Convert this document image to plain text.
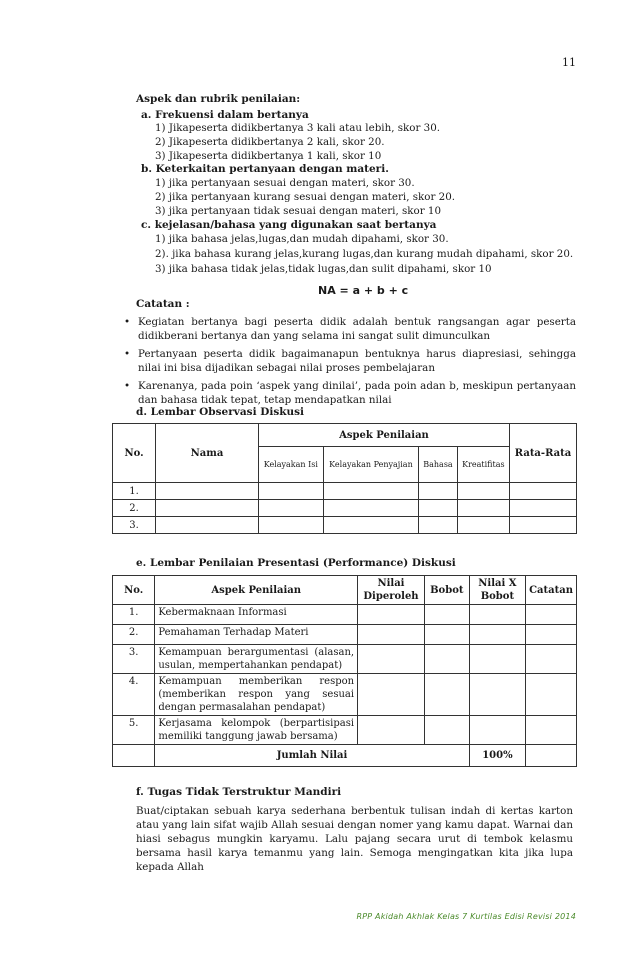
11
Aspek dan rubrik penilaian:
a. Frekuensi dalam bertanya
1) Jikapeserta didikbertanya 3 kali atau lebih, skor 30.
2) Jikapeserta didikbertanya 2 kali, skor 20.
3) Jikapeserta didikbertanya 1 kali, skor 10
b. Keterkaitan pertanyaan dengan materi.
1) jika pertanyaan sesuai dengan materi, skor 30.
2) jika pertanyaan kurang sesuai dengan materi, skor 20.
3) jika pertanyaan tidak sesuai dengan materi, skor 10
c. kejelasan/bahasa yang digunakan saat bertanya
1) jika bahasa jelas,lugas,dan mudah dipahami, skor 30.
2). jika bahasa kurang jelas,kurang lugas,dan kurang mudah dipahami, skor 20.
3) jika bahasa tidak jelas,tidak lugas,dan sulit dipahami, skor 10
NA = a + b + c
Catatan :
• Kegiatan bertanya bagi peserta didik adalah bentuk rangsangan agar peserta didikberani bertanya dan yang selama ini sangat sulit dimunculkan
• Pertanyaan peserta didik bagaimanapun bentuknya harus diapresiasi, sehingga nilai ini bisa dijadikan sebagai nilai proses pembelajaran
• Karenanya, pada poin ‘aspek yang dinilai’, pada poin adan b, meskipun pertanyaan dan bahasa tidak tepat, tetap mendapatkan nilai
d. Lembar Observasi Diskusi
No.	Nama	Aspek Penilaian				Rata-Rata
		Kelayakan Isi	Kelayakan Penyajian	Bahasa	Kreatifitas	
1.						
2.						
3.						
e. Lembar Penilaian Presentasi (Performance) Diskusi
No.	Aspek Penilaian	Nilai Diperoleh	Bobot	Nilai X Bobot	Catatan
1.	Kebermaknaan Informasi				
2.	Pemahaman Terhadap Materi				
3.	Kemampuan berargumentasi (alasan, usulan, mempertahankan pendapat)				
4.	Kemampuan memberikan respon (memberikan respon yang sesuai dengan permasalahan pendapat)				
5.	Kerjasama kelompok (berpartisipasi memiliki tanggung jawab bersama)				
	Jumlah Nilai			100%	
f. Tugas Tidak Terstruktur Mandiri
Buat/ciptakan sebuah karya sederhana berbentuk tulisan indah di kertas karton atau yang lain sifat wajib Allah sesuai dengan nomer yang kamu dapat. Warnai dan hiasi sebagus mungkin karyamu. Lalu pajang secara urut di tembok kelasmu bersama hasil karya temanmu yang lain. Semoga mengingatkan kita jika lupa kepada Allah
RPP Akidah Akhlak Kelas 7 Kurtilas Edisi Revisi 2014
